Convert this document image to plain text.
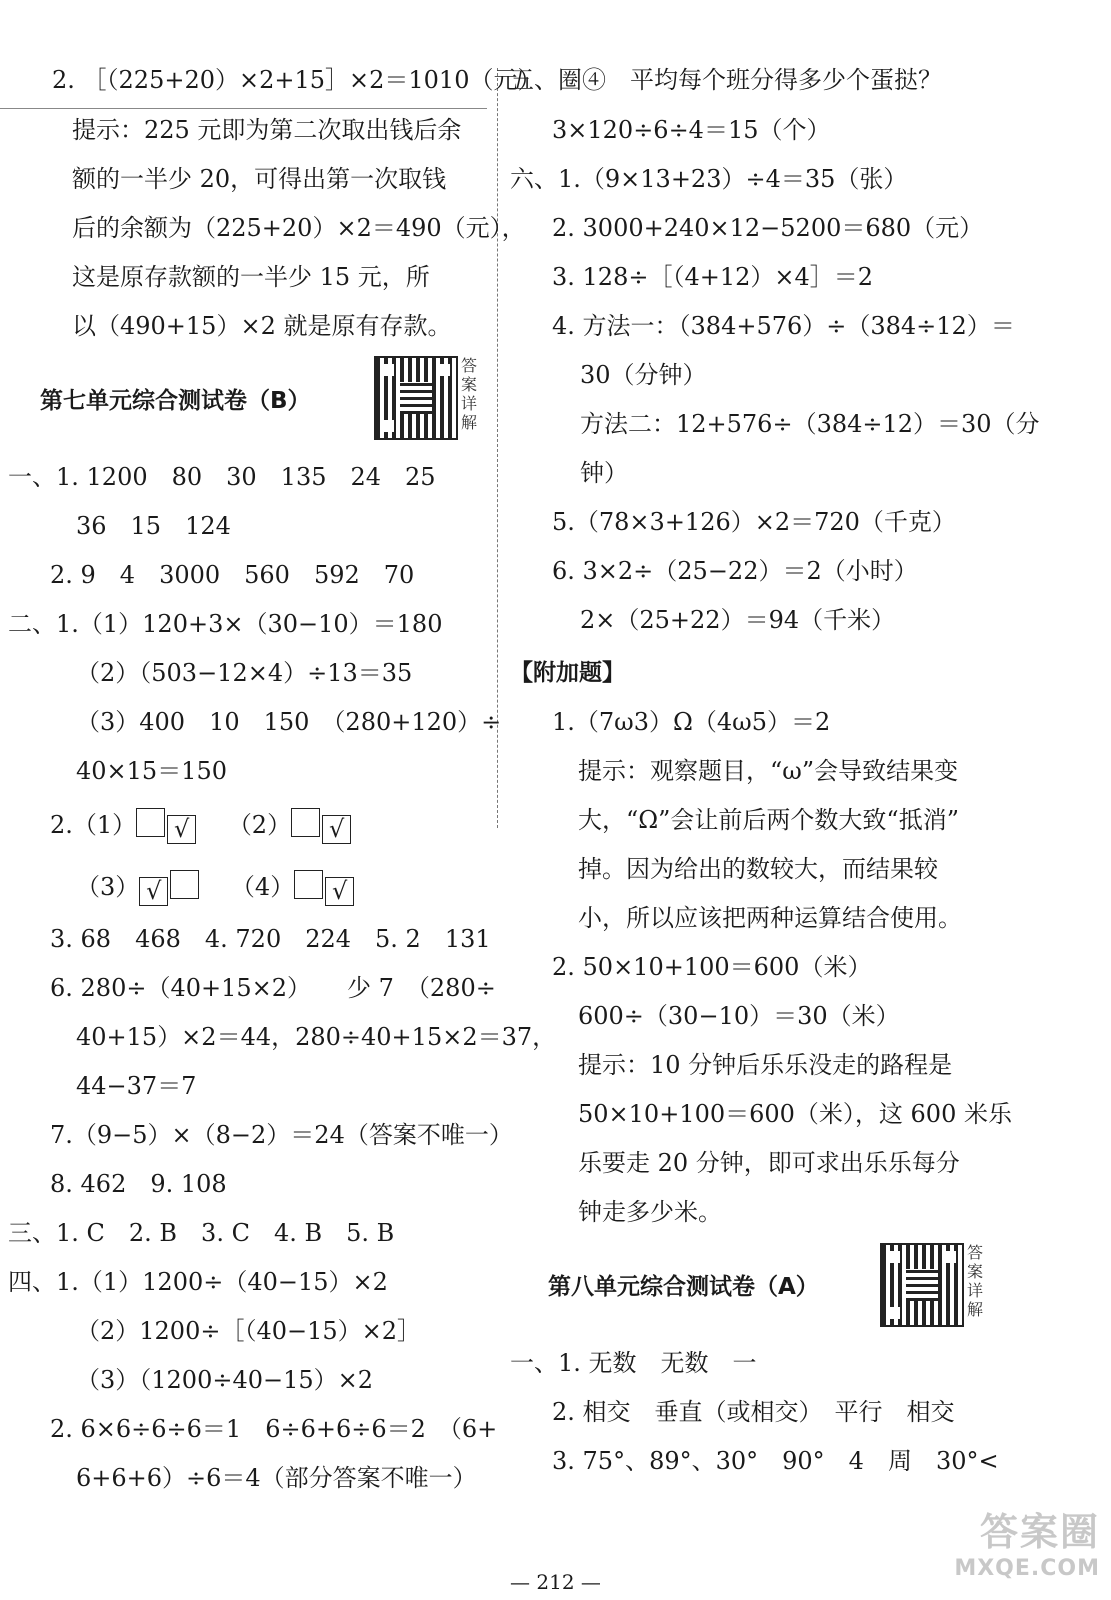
2. ［（225+20）×2+15］×2＝1010（元）
提示：225 元即为第二次取出钱后余
额的一半少 20，可得出第一次取钱
后的余额为（225+20）×2＝490（元），
这是原存款额的一半少 15 元，所
以（490+15）×2 就是原有存款。
第七单元综合测试卷（B）
答案详解
一、1. 1200　80　30　135　24　25
36　15　124
2. 9　4　3000　560　592　70
二、1.（1）120+3×（30−10）＝180
（2）（503−12×4）÷13＝35
（3）400　10　150　（280+120）÷
40×15＝150
2.（1） √ （2） √
（3） √	（4） √
3. 68　468　4. 720　224　5. 2　131
6. 280÷（40+15×2）　　少 7　（280÷
40+15）×2＝44，280÷40+15×2＝37，
44−37＝7
7.（9−5）×（8−2）＝24（答案不唯一）
8. 462　9. 108
三、1. C　2. B　3. C　4. B　5. B
四、1.（1）1200÷（40−15）×2
（2）1200÷［（40−15）×2］
（3）（1200÷40−15）×2
2. 6×6÷6÷6＝1　6÷6+6÷6＝2　（6+
6+6+6）÷6＝4（部分答案不唯一）
五、圈④　平均每个班分得多少个蛋挞？
3×120÷6÷4＝15（个）
六、1.（9×13+23）÷4＝35（张）
2. 3000+240×12−5200＝680（元）
3. 128÷［（4+12）×4］＝2
4. 方法一：（384+576）÷（384÷12）＝
30（分钟）
方法二：12+576÷（384÷12）＝30（分
钟）
5.（78×3+126）×2＝720（千克）
6. 3×2÷（25−22）＝2（小时）
2×（25+22）＝94（千米）
【附加题】
1.（7ω3）Ω（4ω5）＝2
提示：观察题目，“ω”会导致结果变
大，“Ω”会让前后两个数大致“抵消”
掉。因为给出的数较大，而结果较
小，所以应该把两种运算结合使用。
2. 50×10+100＝600（米）
600÷（30−10）＝30（米）
提示：10 分钟后乐乐没走的路程是
50×10+100＝600（米），这 600 米乐
乐要走 20 分钟，即可求出乐乐每分
钟走多少米。
第八单元综合测试卷（A）
答案详解
一、1. 无数　无数　一
2. 相交　垂直（或相交）　平行　相交
3. 75°、89°、30°　90°　4　周　30°<
— 212 —
答案圈
MXQE.COM
